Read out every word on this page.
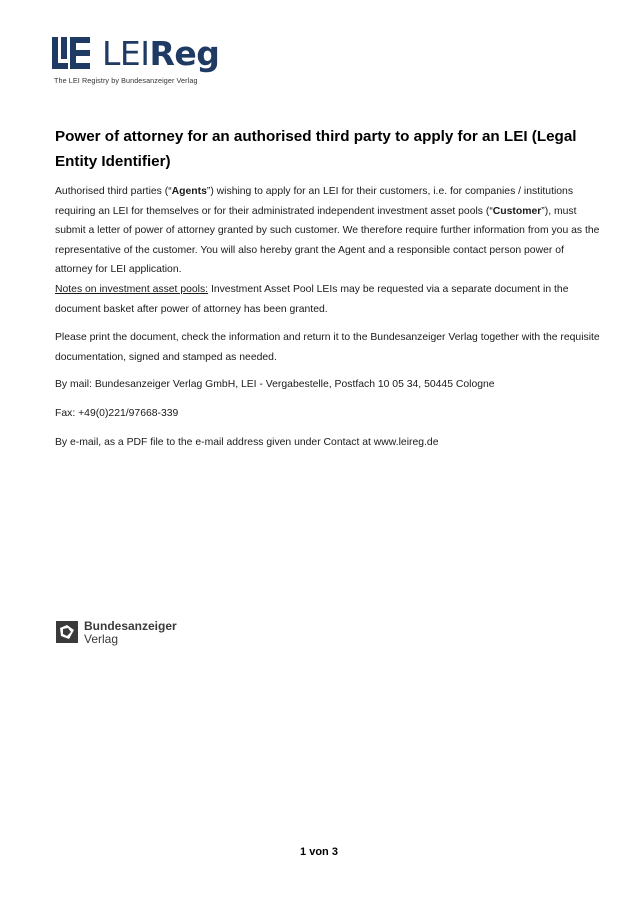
LEIReg
The LEI Registry by Bundesanzeiger Verlag
Power of attorney for an authorised third party to apply for an LEI (Legal Entity Identifier)
Authorised third parties (“Agents”) wishing to apply for an LEI for their customers, i.e. for companies / institutions requiring an LEI for themselves or for their administrated independent investment asset pools (“Customer”), must submit a letter of power of attorney granted by such customer. We therefore require further information from you as the representative of the customer. You will also hereby grant the Agent and a responsible contact person power of attorney for LEI application.
Notes on investment asset pools: Investment Asset Pool LEIs may be requested via a separate document in the document basket after power of attorney has been granted.
Please print the document, check the information and return it to the Bundesanzeiger Verlag together with the requisite documentation, signed and stamped as needed.
By mail: Bundesanzeiger Verlag GmbH, LEI - Vergabestelle, Postfach 10 05 34, 50445 Cologne
Fax: +49(0)221/97668-339
By e-mail, as a PDF file to the e-mail address given under Contact at www.leireg.de
Bundesanzeiger
Verlag
1 von 3
